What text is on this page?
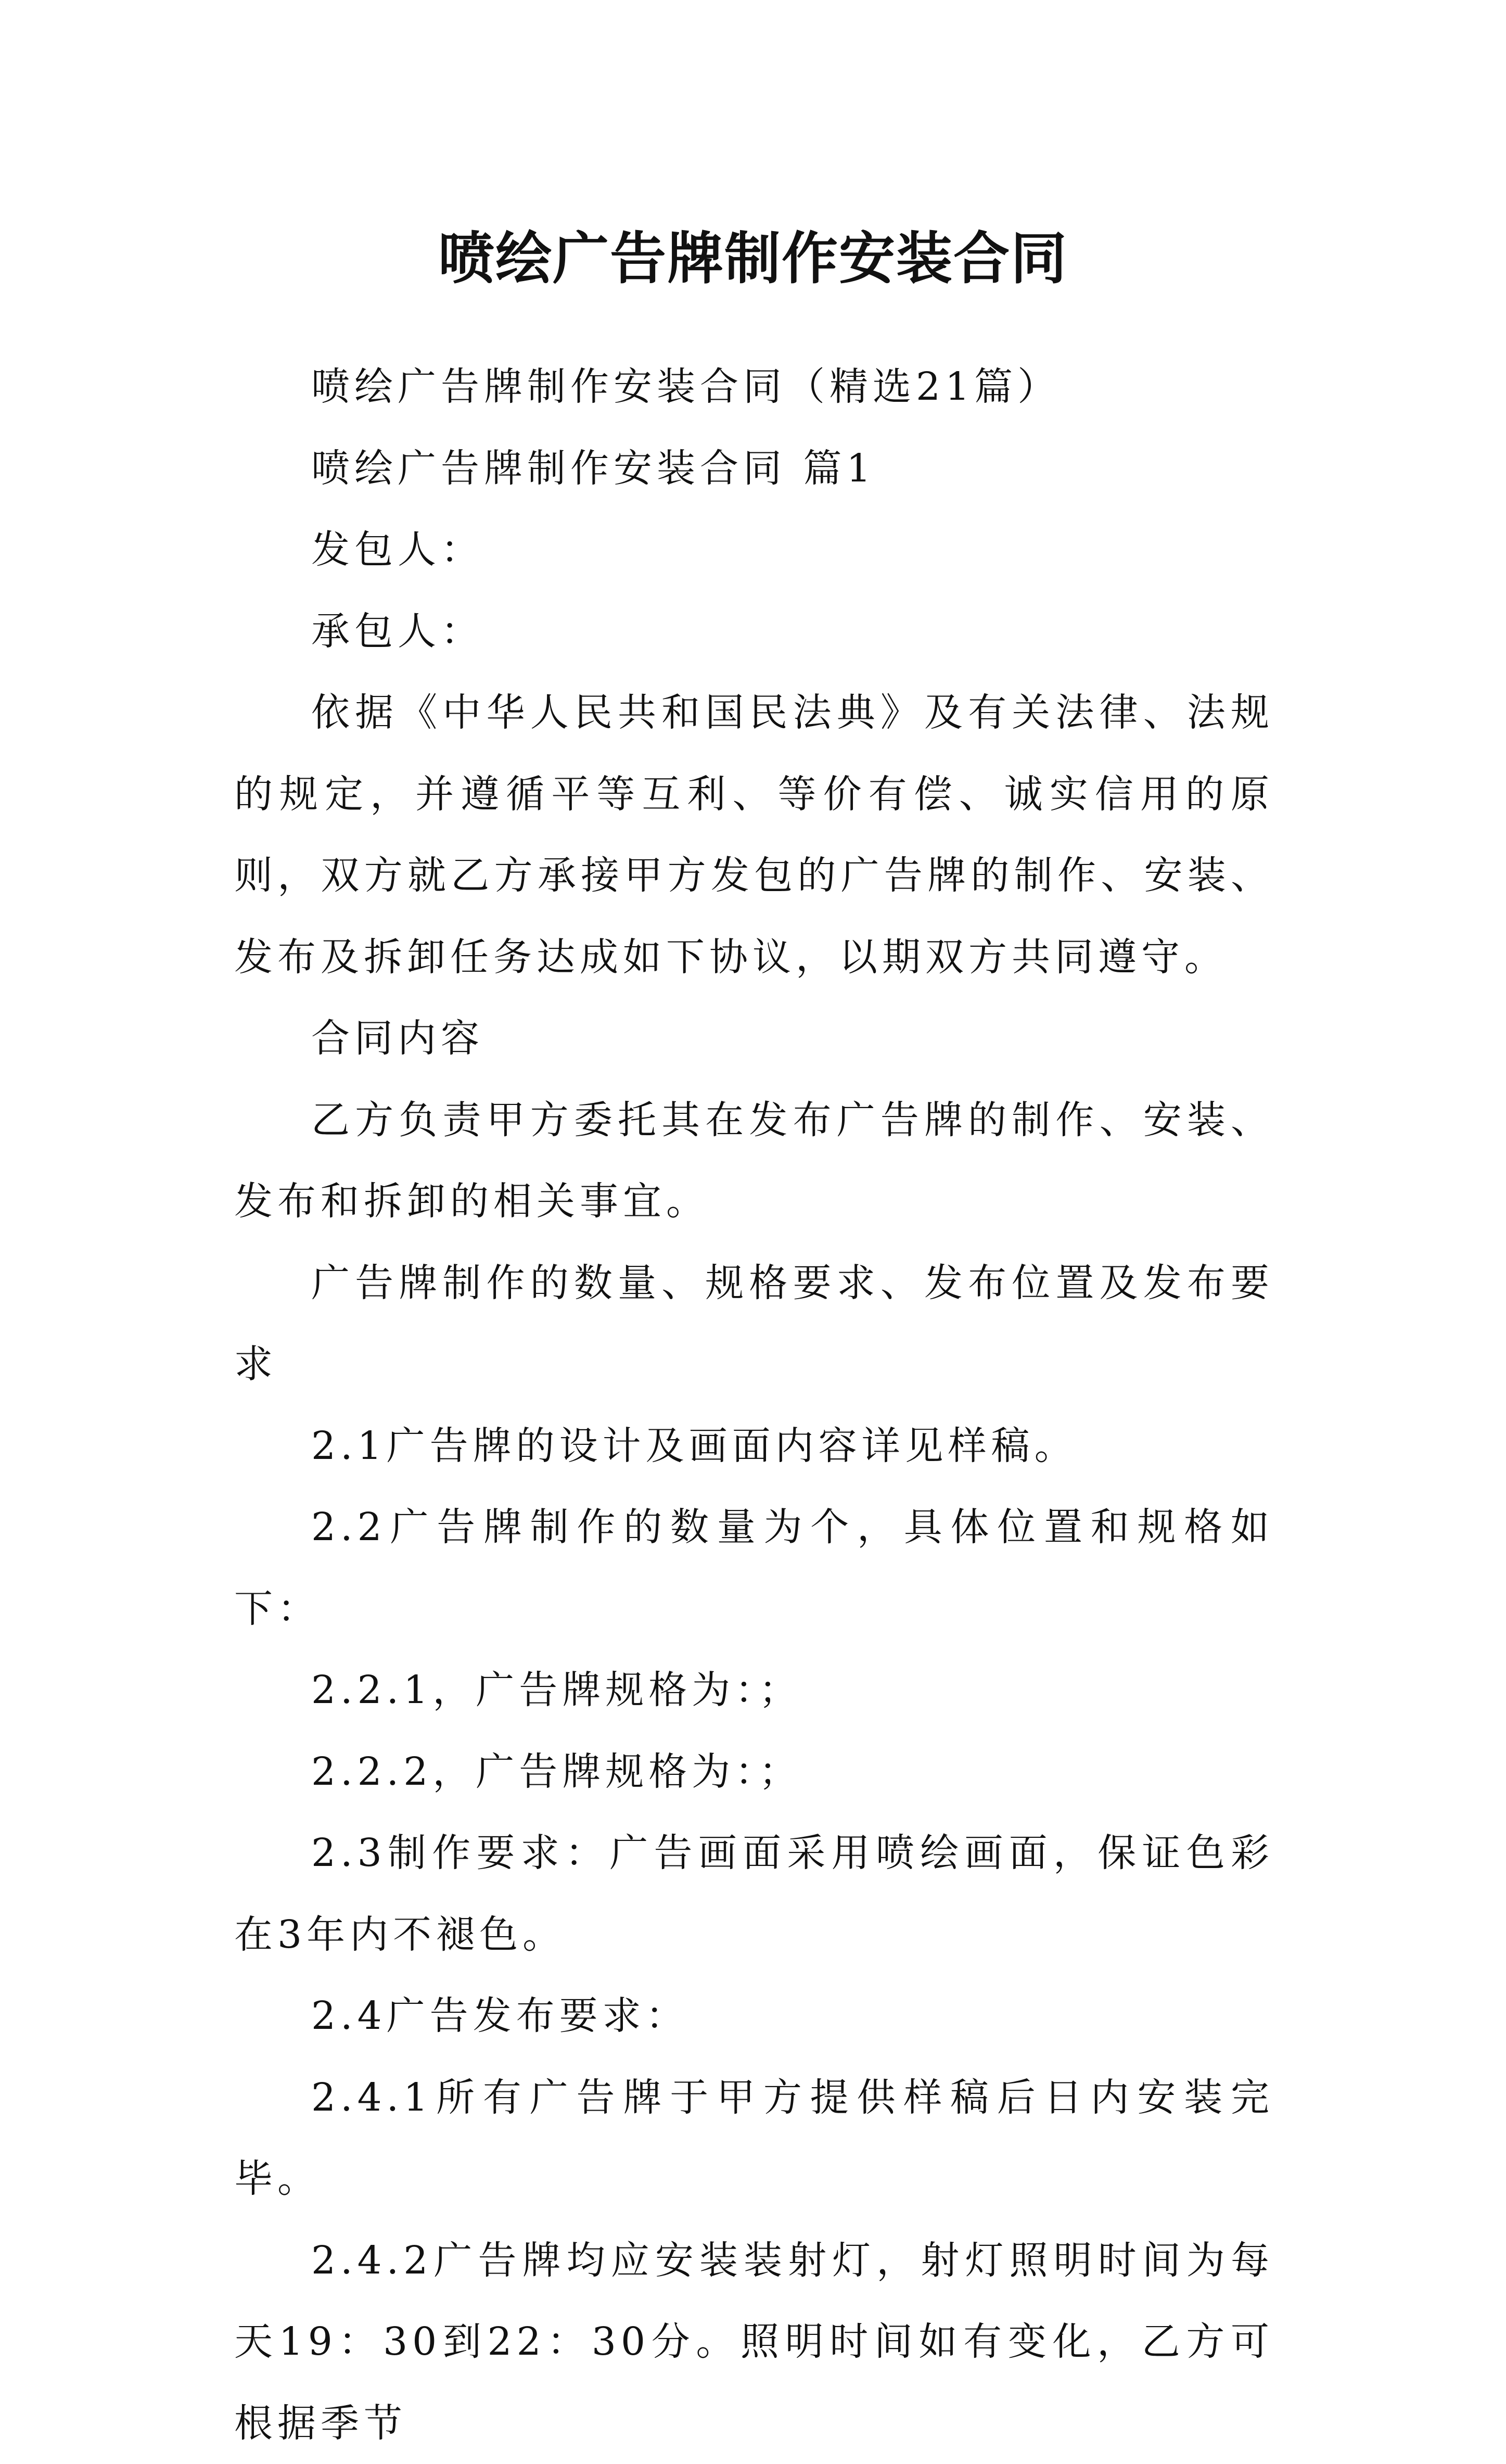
喷绘广告牌制作安装合同

喷绘广告牌制作安装合同（精选21篇）

喷绘广告牌制作安装合同 篇1

发包人：

承包人：

依据《中华人民共和国民法典》及有关法律、法规的规定，并遵循平等互利、等价有偿、诚实信用的原则，双方就乙方承接甲方发包的广告牌的制作、安装、发布及拆卸任务达成如下协议，以期双方共同遵守。

合同内容

乙方负责甲方委托其在发布广告牌的制作、安装、发布和拆卸的相关事宜。

广告牌制作的数量、规格要求、发布位置及发布要求

2.1广告牌的设计及画面内容详见样稿。

2.2广告牌制作的数量为个，具体位置和规格如下：

2.2.1，广告牌规格为：；

2.2.2，广告牌规格为：；

2.3制作要求：广告画面采用喷绘画面，保证色彩在3年内不褪色。

2.4广告发布要求：

2.4.1所有广告牌于甲方提供样稿后日内安装完毕。

2.4.2广告牌均应安装装射灯，射灯照明时间为每天19：30到22：30分。照明时间如有变化，乙方可根据季节
